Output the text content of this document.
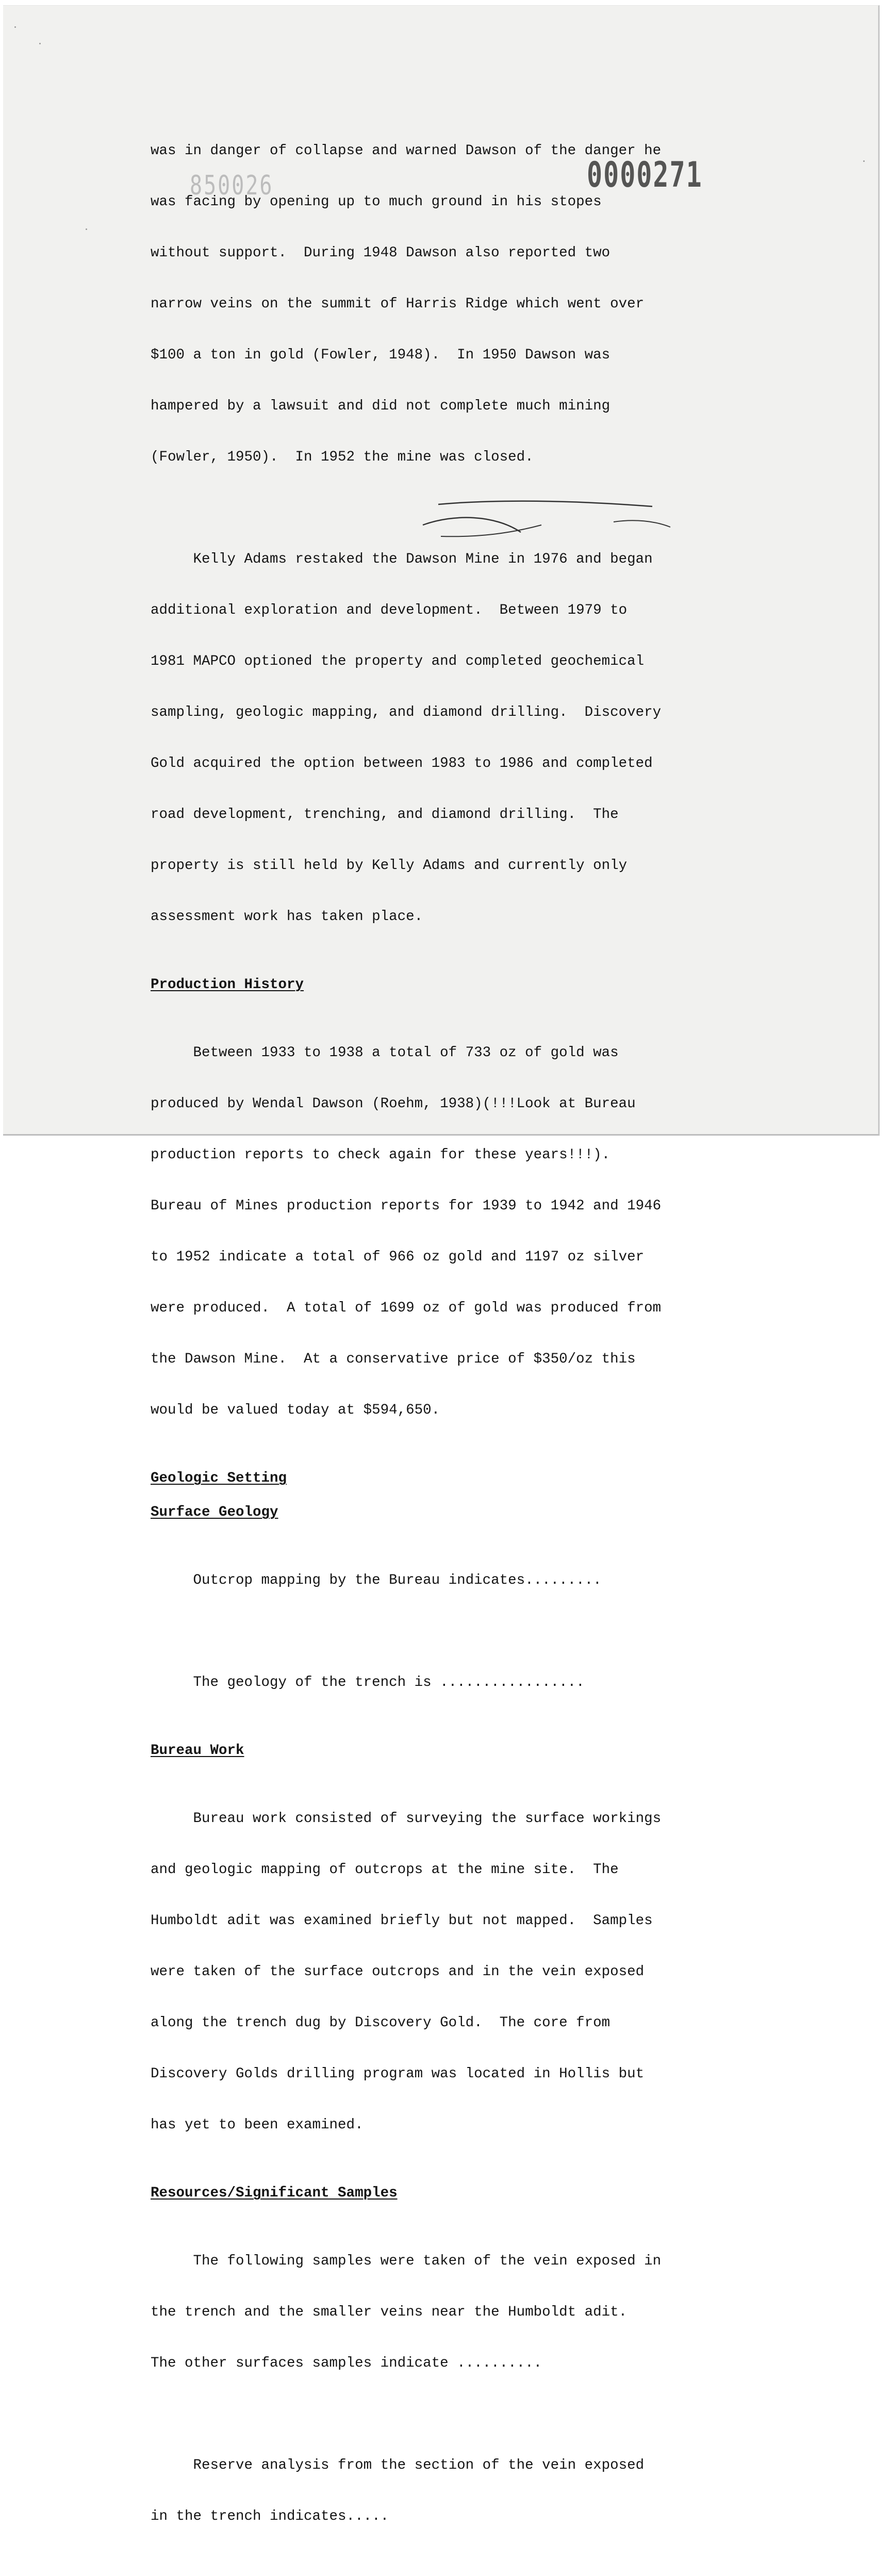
850026

was in danger of collapse and warned Dawson of the danger he

was facing by opening up to much ground in his stopes

without support.  During 1948 Dawson also reported two

narrow veins on the summit of Harris Ridge which went over

$100 a ton in gold (Fowler, 1948).  In 1950 Dawson was

hampered by a lawsuit and did not complete much mining

(Fowler, 1950).  In 1952 the mine was closed.

Kelly Adams restaked the Dawson Mine in 1976 and began

additional exploration and development.  Between 1979 to

1981 MAPCO optioned the property and completed geochemical

sampling, geologic mapping, and diamond drilling.  Discovery

Gold acquired the option between 1983 to 1986 and completed

road development, trenching, and diamond drilling.  The

property is still held by Kelly Adams and currently only

assessment work has taken place.

Production History

Between 1933 to 1938 a total of 733 oz of gold was

produced by Wendal Dawson (Roehm, 1938)(!!!Look at Bureau

production reports to check again for these years!!!).

Bureau of Mines production reports for 1939 to 1942 and 1946

to 1952 indicate a total of 966 oz gold and 1197 oz silver

were produced.  A total of 1699 oz of gold was produced from

the Dawson Mine.  At a conservative price of $350/oz this

would be valued today at $594,650.

Geologic Setting
Surface Geology

Outcrop mapping by the Bureau indicates.........

The geology of the trench is .................

Bureau Work

Bureau work consisted of surveying the surface workings

and geologic mapping of outcrops at the mine site.  The

Humboldt adit was examined briefly but not mapped.  Samples

were taken of the surface outcrops and in the vein exposed

along the trench dug by Discovery Gold.  The core from

Discovery Golds drilling program was located in Hollis but

has yet to been examined.

Resources/Significant Samples

The following samples were taken of the vein exposed in

the trench and the smaller veins near the Humboldt adit.

The other surfaces samples indicate ..........

Reserve analysis from the section of the vein exposed

in the trench indicates.....

0000271
